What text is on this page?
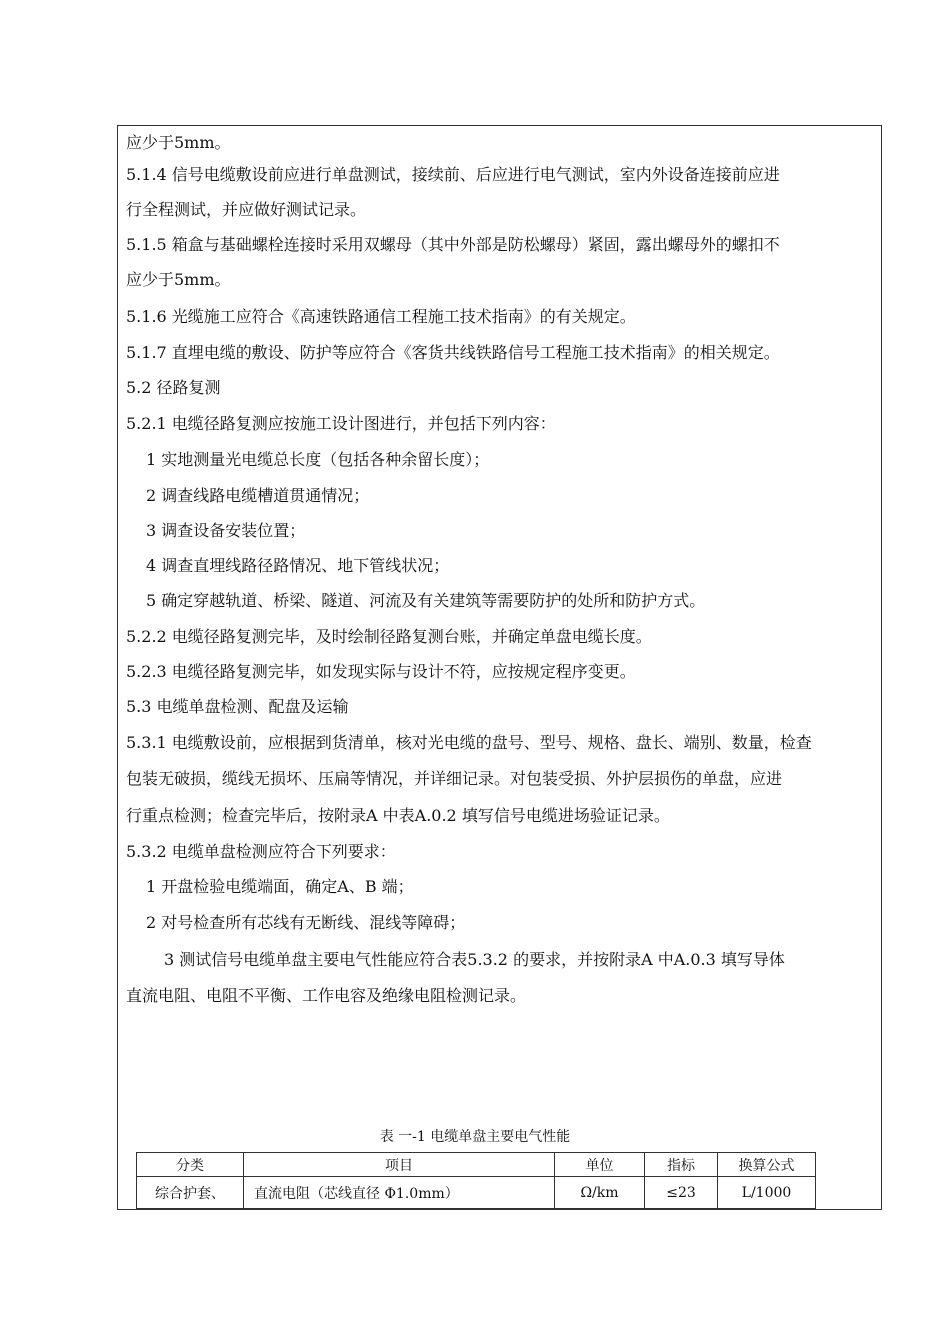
应少于5mm。
5.1.4 信号电缆敷设前应进行单盘测试，接续前、后应进行电气测试，室内外设备连接前应进
行全程测试，并应做好测试记录。
5.1.5 箱盒与基础螺栓连接时采用双螺母（其中外部是防松螺母）紧固，露出螺母外的螺扣不
应少于5mm。
5.1.6 光缆施工应符合《高速铁路通信工程施工技术指南》的有关规定。
5.1.7 直埋电缆的敷设、防护等应符合《客货共线铁路信号工程施工技术指南》的相关规定。
5.2 径路复测
5.2.1 电缆径路复测应按施工设计图进行，并包括下列内容：
1 实地测量光电缆总长度（包括各种余留长度）；
2 调查线路电缆槽道贯通情况；
3 调查设备安装位置；
4 调查直埋线路径路情况、地下管线状况；
5 确定穿越轨道、桥梁、隧道、河流及有关建筑等需要防护的处所和防护方式。
5.2.2 电缆径路复测完毕，及时绘制径路复测台账，并确定单盘电缆长度。
5.2.3 电缆径路复测完毕，如发现实际与设计不符，应按规定程序变更。
5.3 电缆单盘检测、配盘及运输
5.3.1 电缆敷设前，应根据到货清单，核对光电缆的盘号、型号、规格、盘长、端别、数量，检查
包装无破损，缆线无损坏、压扁等情况，并详细记录。对包装受损、外护层损伤的单盘，应进
行重点检测；检查完毕后，按附录A 中表A.0.2 填写信号电缆进场验证记录。
5.3.2 电缆单盘检测应符合下列要求：
1 开盘检验电缆端面，确定A、B 端；
2 对号检查所有芯线有无断线、混线等障碍；
3 测试信号电缆单盘主要电气性能应符合表5.3.2 的要求，并按附录A 中A.0.3 填写导体
直流电阻、电阻不平衡、工作电容及绝缘电阻检测记录。
表 一-1 电缆单盘主要电气性能
分类	项目	单位	指标	换算公式
综合护套、	直流电阻（芯线直径 Φ1.0mm）	Ω/km	≤23	L/1000
